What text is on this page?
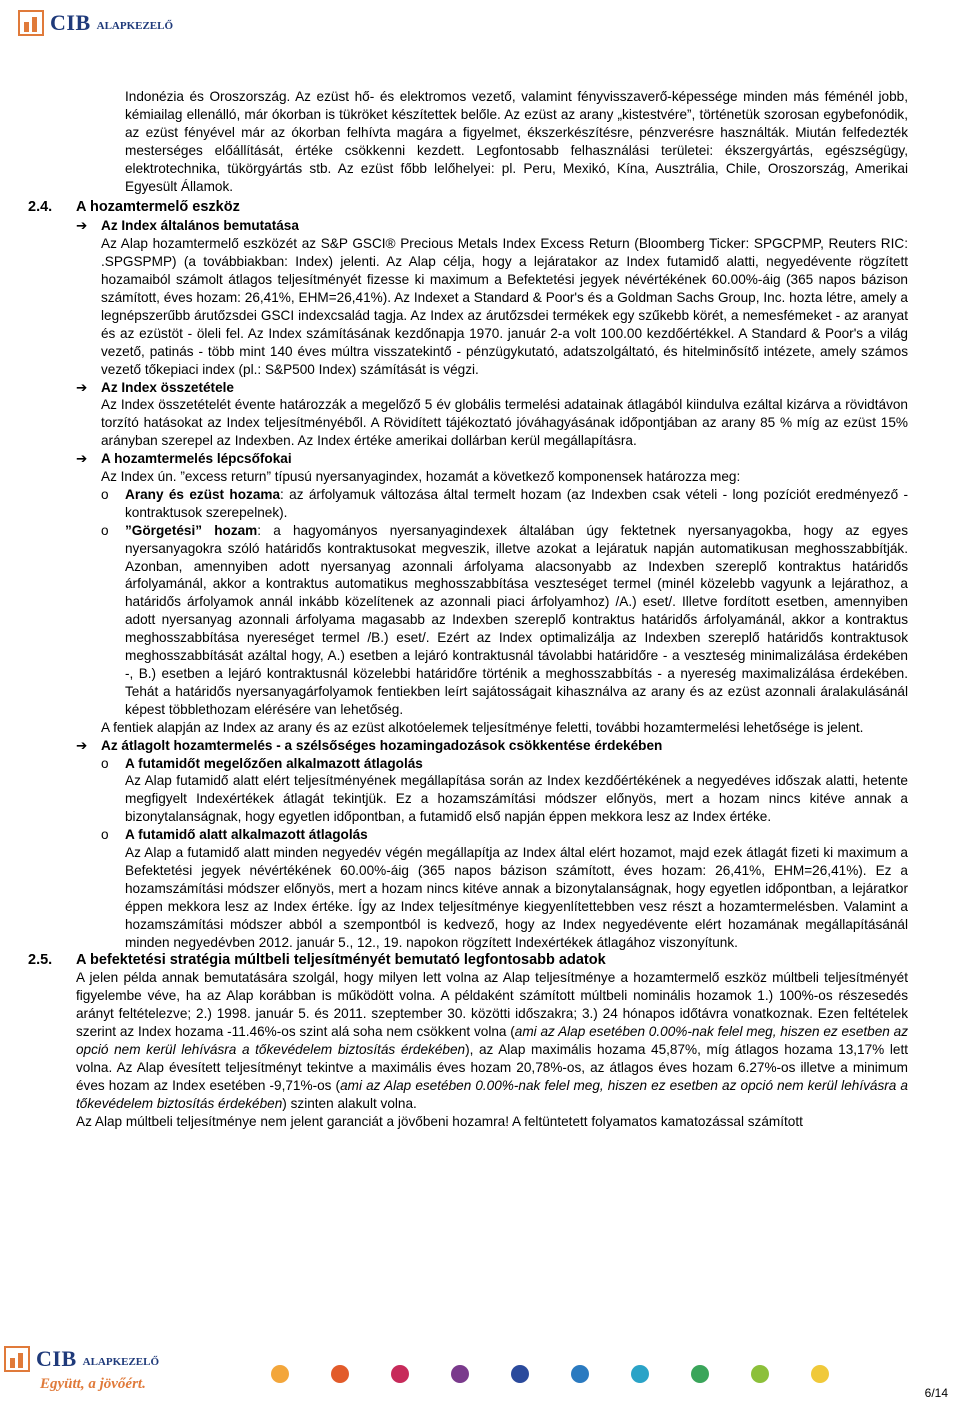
CIB ALAPKEZELŐ

Indonézia és Oroszország. Az ezüst hő- és elektromos vezető, valamint fényvisszaverő-képessége minden más féménél jobb, kémiailag ellenálló, már ókorban is tükröket készítettek belőle. Az ezüst az arany „kistestvére”, történetük szorosan egybefonódik, az ezüst fényével már az ókorban felhívta magára a figyelmet, ékszerkészítésre, pénzverésre használták. Miután felfedezték mesterséges előállítását, értéke csökkenni kezdett. Legfontosabb felhasználási területei: ékszergyártás, egészségügy, elektrotechnika, tükörgyártás stb. Az ezüst főbb lelőhelyei: pl. Peru, Mexikó, Kína, Ausztrália, Chile, Oroszország, Amerikai Egyesült Államok.

2.4.	A hozamtermelő eszköz
➔	Az Index általános bemutatása

Az Alap hozamtermelő eszközét az S&P GSCI® Precious Metals Index Excess Return (Bloomberg Ticker: SPGCPMP, Reuters RIC: .SPGSPMP) (a továbbiakban: Index) jelenti. Az Alap célja, hogy a lejáratakor az Index futamidő alatti, negyedévente rögzített hozamaiból számolt átlagos teljesítményét fizesse ki maximum a Befektetési jegyek névértékének 60.00%-áig (365 napos bázison számított, éves hozam: 26,41%, EHM=26,41%). Az Indexet a Standard & Poor's és a Goldman Sachs Group, Inc. hozta létre, amely a legnépszerűbb árutőzsdei GSCI indexcsalád tagja. Az Index az árutőzsdei termékek egy szűkebb körét, a nemesfémeket - az aranyat és az ezüstöt - öleli fel. Az Index számításának kezdőnapja 1970. január 2-a volt 100.00 kezdőértékkel. A Standard & Poor's a világ vezető, patinás - több mint 140 éves múltra visszatekintő - pénzügykutató, adatszolgáltató, és hitelminősítő intézete, amely számos vezető tőkepiaci index (pl.: S&P500 Index) számítását is végzi.

➔	Az Index összetétele

Az Index összetételét évente határozzák a megelőző 5 év globális termelési adatainak átlagából kiindulva ezáltal kizárva a rövidtávon torzító hatásokat az Index teljesítményéből. A Rövidített tájékoztató jóváhagyásának időpontjában az arany 85 % míg az ezüst 15% arányban szerepel az Indexben. Az Index értéke amerikai dollárban kerül megállapításra.

➔	A hozamtermelés lépcsőfokai

Az Index ún. ”excess return” típusú nyersanyagindex, hozamát a következő komponensek határozza meg:

o	Arany és ezüst hozama: az árfolyamuk változása által termelt hozam (az Indexben csak vételi - long pozíciót eredményező - kontraktusok szerepelnek).
o	”Görgetési” hozam: a hagyományos nyersanyagindexek általában úgy fektetnek nyersanyagokba, hogy az egyes nyersanyagokra szóló határidős kontraktusokat megveszik, illetve azokat a lejáratuk napján automatikusan meghosszabbítják. Azonban, amennyiben adott nyersanyag azonnali árfolyama alacsonyabb az Indexben szereplő kontraktus határidős árfolyamánál, akkor a kontraktus automatikus meghosszabbítása veszteséget termel (minél közelebb vagyunk a lejárathoz, a határidős árfolyamok annál inkább közelítenek az azonnali piaci árfolyamhoz) /A.) eset/. Illetve fordított esetben, amennyiben adott nyersanyag azonnali árfolyama magasabb az Indexben szereplő kontraktus határidős árfolyamánál, akkor a kontraktus meghosszabbítása nyereséget termel /B.) eset/. Ezért az Index optimalizálja az Indexben szereplő határidős kontraktusok meghosszabbítását azáltal hogy, A.) esetben a lejáró kontraktusnál távolabbi határidőre - a veszteség minimalizálása érdekében -, B.) esetben a lejáró kontraktusnál közelebbi határidőre történik a meghosszabbítás - a nyereség maximalizálása érdekében. Tehát a határidős nyersanyagárfolyamok fentiekben leírt sajátosságait kihasználva az arany és az ezüst azonnali áralakulásánál képest többlethozam elérésére van lehetőség.

A fentiek alapján az Index az arany és az ezüst alkotóelemek teljesítménye feletti, további hozamtermelési lehetősége is jelent.

➔	Az átlagolt hozamtermelés - a szélsőséges hozamingadozások csökkentése érdekében
o	A futamidőt megelőzően alkalmazott átlagolás

Az Alap futamidő alatt elért teljesítményének megállapítása során az Index kezdőértékének a negyedéves időszak alatti, hetente megfigyelt Indexértékek átlagát tekintjük. Ez a hozamszámítási módszer előnyös, mert a hozam nincs kitéve annak a bizonytalanságnak, hogy egyetlen időpontban, a futamidő első napján éppen mekkora lesz az Index értéke.

o	A futamidő alatt alkalmazott átlagolás

Az Alap a futamidő alatt minden negyedév végén megállapítja az Index által elért hozamot, majd ezek átlagát fizeti ki maximum a Befektetési jegyek névértékének 60.00%-áig (365 napos bázison számított, éves hozam: 26,41%, EHM=26,41%). Ez a hozamszámítási módszer előnyös, mert a hozam nincs kitéve annak a bizonytalanságnak, hogy egyetlen időpontban, a lejáratkor éppen mekkora lesz az Index értéke. Így az Index teljesítménye kiegyenlítettebben vesz részt a hozamtermelésben. Valamint a hozamszámítási módszer abból a szempontból is kedvező, hogy az Index negyedévente elért hozamának megállapításánál minden negyedévben 2012. január 5., 12., 19. napokon rögzített Indexértékek átlagához viszonyítunk.

2.5.	A befektetési stratégia múltbeli teljesítményét bemutató legfontosabb adatok

A jelen példa annak bemutatására szolgál, hogy milyen lett volna az Alap teljesítménye a hozamtermelő eszköz múltbeli teljesítményét figyelembe véve, ha az Alap korábban is működött volna. A példaként számított múltbeli nominális hozamok 1.) 100%-os részesedés arányt feltételezve; 2.) 1998. január 5. és 2011. szeptember 30. közötti időszakra; 3.) 24 hónapos időtávra vonatkoznak. Ezen feltételek szerint az Index hozama -11.46%-os szint alá soha nem csökkent volna (ami az Alap esetében 0.00%-nak felel meg, hiszen ez esetben az opció nem kerül lehívásra a tőkevédelem biztosítás érdekében), az Alap maximális hozama 45,87%, míg átlagos hozama 13,17% lett volna. Az Alap évesített teljesítményt tekintve a maximális éves hozam 20,78%-os, az átlagos éves hozam 6.27%-os illetve a minimum éves hozam az Index esetében -9,71%-os (ami az Alap esetében 0.00%-nak felel meg, hiszen ez esetben az opció nem kerül lehívásra a tőkevédelem biztosítás érdekében) szinten alakult volna.

Az Alap múltbeli teljesítménye nem jelent garanciát a jövőbeni hozamra! A feltüntetett folyamatos kamatozással számított

CIB ALAPKEZELŐ
Együtt, a jövőért.
6/14
